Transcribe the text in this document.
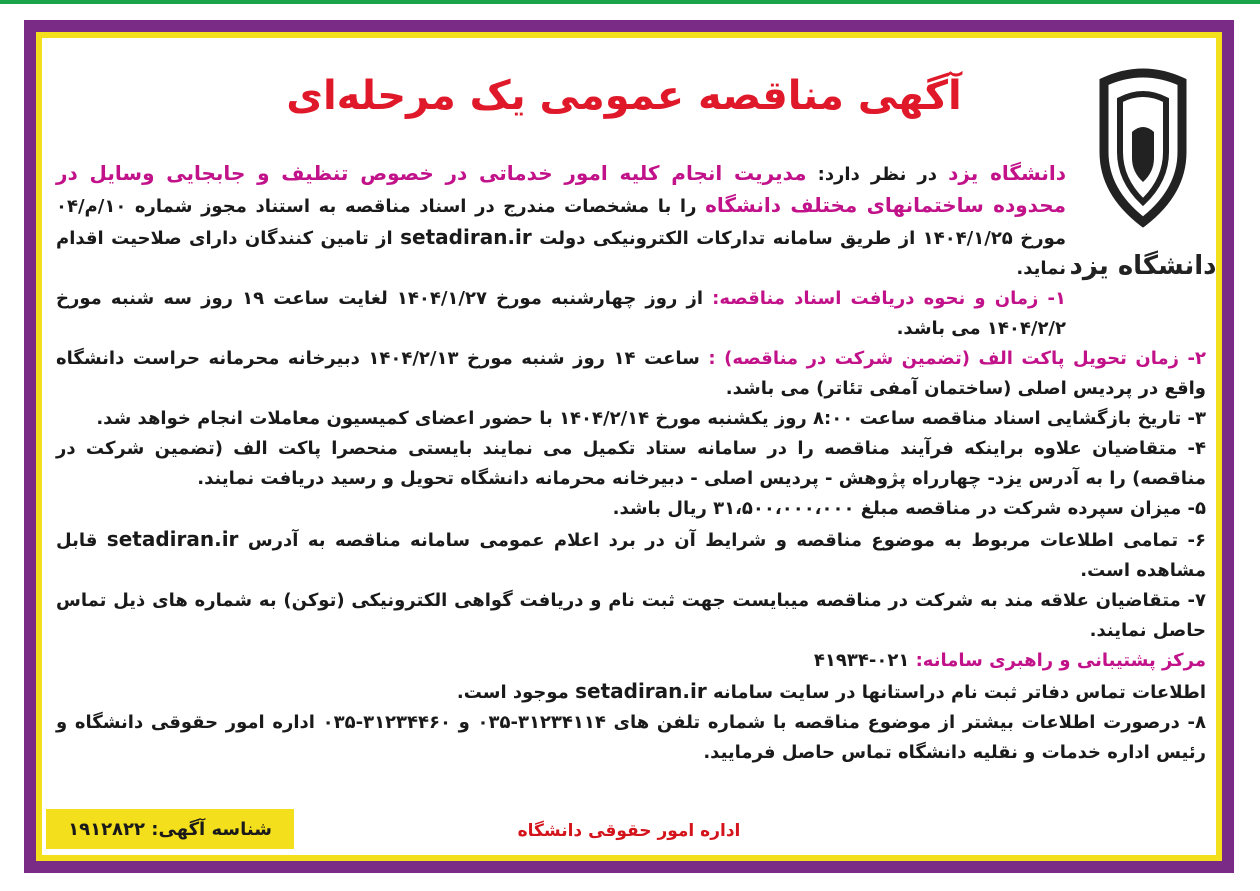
دانشگاه یزد
آگهی مناقصه عمومی یک مرحله‌ای

دانشگاه یزد در نظر دارد: مدیریت انجام کلیه امور خدماتی در خصوص تنظیف و جابجایی وسایل در محدوده ساختمانهای مختلف دانشگاه را با مشخصات مندرج در اسناد مناقصه به استناد مجوز شماره ۱۰/م/۰۴ مورخ ۱۴۰۴/۱/۲۵ از طریق سامانه تدارکات الکترونیکی دولت setadiran.ir از تامین کنندگان دارای صلاحیت اقدام نماید.

۱- زمان و نحوه دریافت اسناد مناقصه: از روز چهارشنبه مورخ ۱۴۰۴/۱/۲۷ لغایت ساعت ۱۹ روز سه شنبه مورخ ۱۴۰۴/۲/۲ می باشد.

۲- زمان تحویل پاکت الف (تضمین شرکت در مناقصه) : ساعت ۱۴ روز شنبه مورخ ۱۴۰۴/۲/۱۳ دبیرخانه محرمانه حراست دانشگاه واقع در پردیس اصلی (ساختمان آمفی تئاتر) می باشد.

۳- تاریخ بازگشایی اسناد مناقصه ساعت ۸:۰۰ روز یکشنبه مورخ ۱۴۰۴/۲/۱۴ با حضور اعضای کمیسیون معاملات انجام خواهد شد.

۴- متقاضیان علاوه براینکه فرآیند مناقصه را در سامانه ستاد تکمیل می نمایند بایستی منحصرا پاکت الف (تضمین شرکت در مناقصه) را به آدرس یزد- چهارراه پژوهش - پردیس اصلی - دبیرخانه محرمانه دانشگاه تحویل و رسید دریافت نمایند.

۵- میزان سپرده شرکت در مناقصه مبلغ ۳۱،۵۰۰،۰۰۰،۰۰۰ ریال باشد.

۶- تمامی اطلاعات مربوط به موضوع مناقصه و شرایط آن در برد اعلام عمومی سامانه مناقصه به آدرس setadiran.ir قابل مشاهده است.

۷- متقاضیان علاقه مند به شرکت در مناقصه میبایست جهت ثبت نام و دریافت گواهی الکترونیکی (توکن) به شماره های ذیل تماس حاصل نمایند.

مرکز پشتیبانی و راهبری سامانه: ۰۲۱-۴۱۹۳۴

اطلاعات تماس دفاتر ثبت نام دراستانها در سایت سامانه setadiran.ir موجود است.

۸- درصورت اطلاعات بیشتر از موضوع مناقصه با شماره تلفن های ۳۱۲۳۴۱۱۴-۰۳۵ و ۳۱۲۳۴۴۶۰-۰۳۵ اداره امور حقوقی دانشگاه و رئیس اداره خدمات و نقلیه دانشگاه تماس حاصل فرمایید.

اداره امور حقوقی دانشگاه
شناسه آگهی: ۱۹۱۲۸۲۲
